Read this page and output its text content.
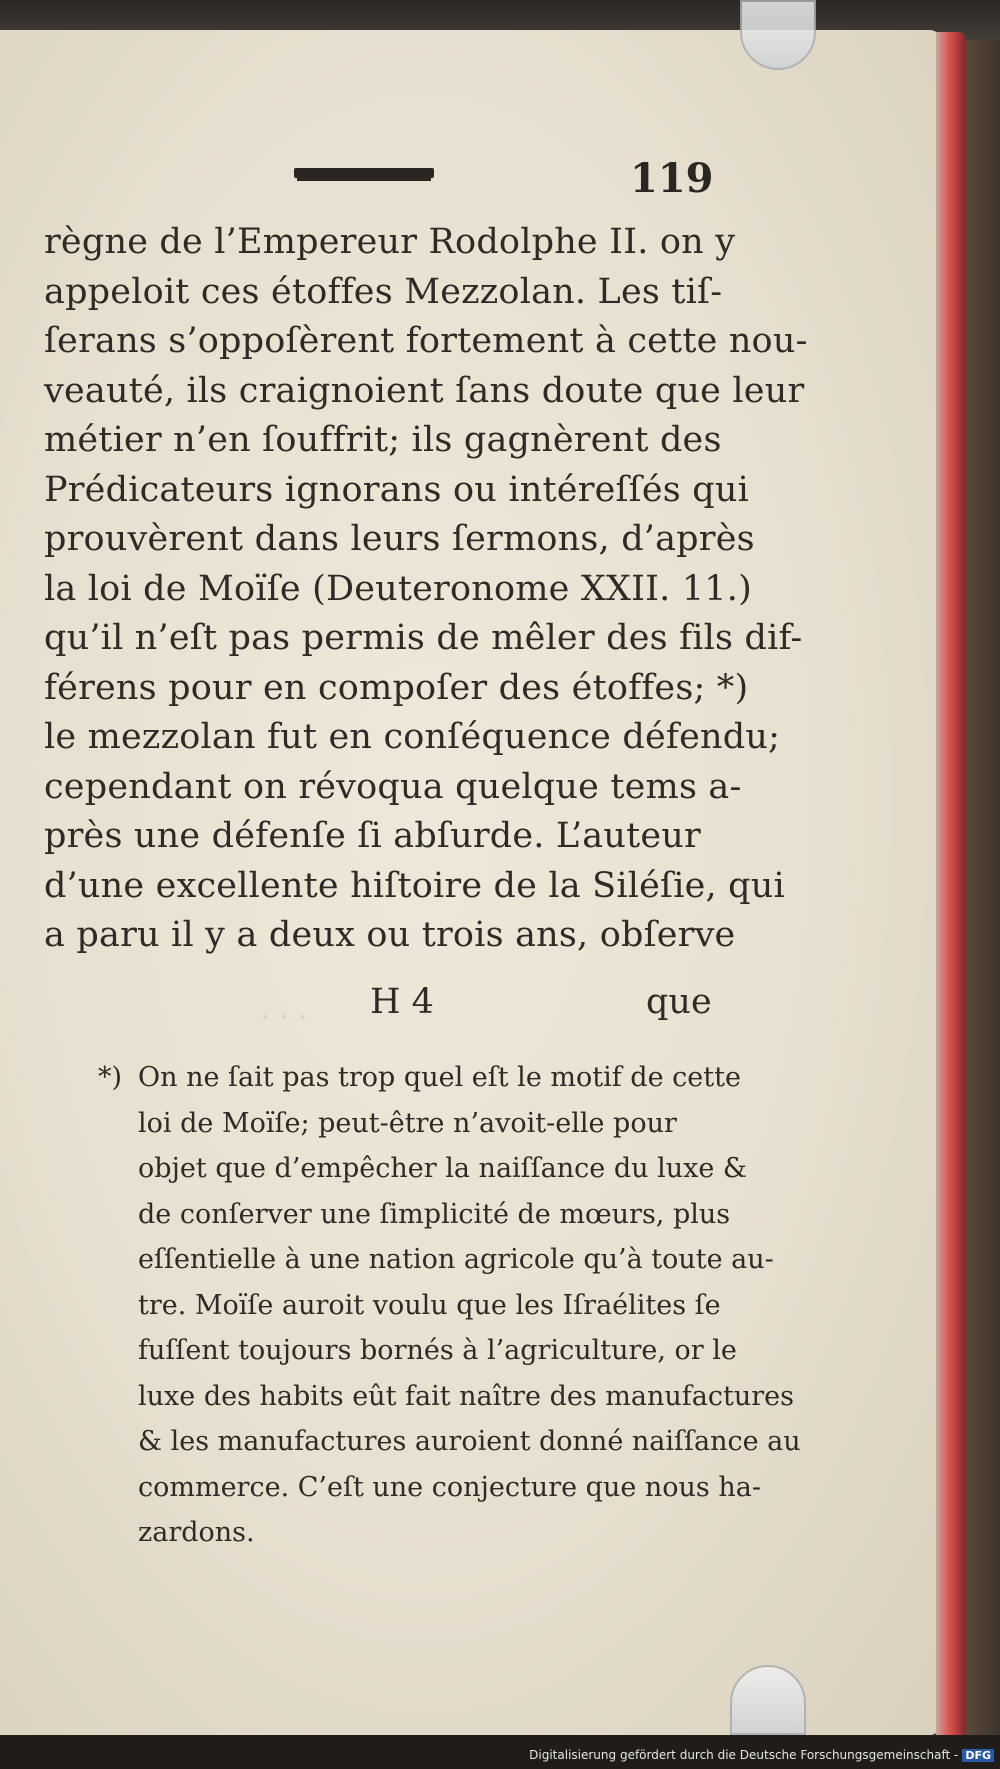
· · ·
119
règne de l’Empereur Rodolphe II. on y
appeloit ces étoffes Mezzolan. Les tiſ-
ſerans s’oppoſèrent fortement à cette nou-
veauté, ils craignoient ſans doute que leur
métier n’en ſouffrit; ils gagnèrent des
Prédicateurs ignorans ou intéreſſés qui
prouvèrent dans leurs ſermons, d’après
la loi de Moïſe (Deuteronome XXII. 11.)
qu’il n’eſt pas permis de mêler des fils dif-
férens pour en compoſer des étoffes; *)
le mezzolan fut en conſéquence défendu;
cependant on révoqua quelque tems a-
près une défenſe ſi abſurde. L’auteur
d’une excellente hiſtoire de la Siléſie, qui
a paru il y a deux ou trois ans, obſerve
H 4	que
*) On ne ſait pas trop quel eſt le motif de cette
loi de Moïſe; peut-être n’avoit-elle pour
objet que d’empêcher la naiſſance du luxe &
de conſerver une ſimplicité de mœurs, plus
eſſentielle à une nation agricole qu’à toute au-
tre. Moïſe auroit voulu que les Iſraélites ſe
fuſſent toujours bornés à l’agriculture, or le
luxe des habits eût fait naître des manufactures
& les manufactures auroient donné naiſſance au
commerce. C’eſt une conjecture que nous ha-
zardons.
Digitalisierung gefördert durch die Deutsche Forschungsgemeinschaft - DFG
